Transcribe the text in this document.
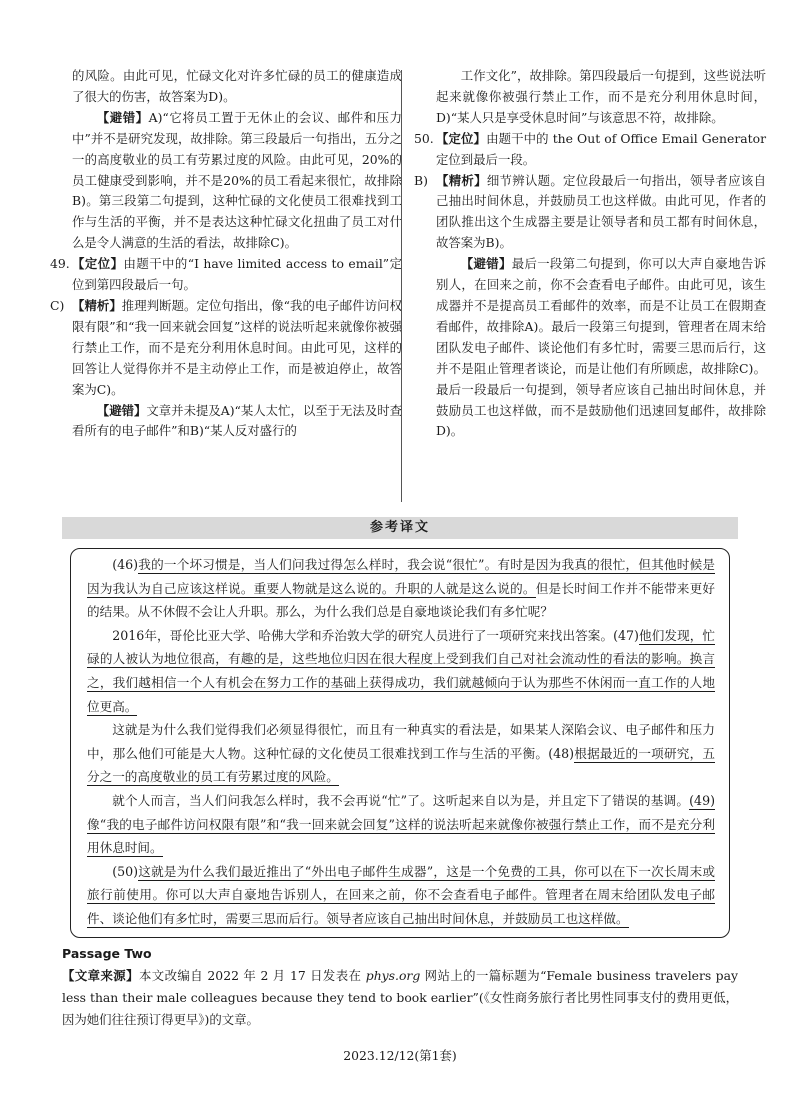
的风险。由此可见，忙碌文化对许多忙碌的员工的健康造成了很大的伤害，故答案为D)。

【避错】A)“它将员工置于无休止的会议、邮件和压力中”并不是研究发现，故排除。第三段最后一句指出，五分之一的高度敬业的员工有劳累过度的风险。由此可见，20%的员工健康受到影响，并不是20%的员工看起来很忙，故排除B)。第三段第二句提到，这种忙碌的文化使员工很难找到工作与生活的平衡，并不是表达这种忙碌文化扭曲了员工对什么是令人满意的生活的看法，故排除C)。

49. 【定位】由题干中的“I have limited access to email”定位到第四段最后一句。

C) 【精析】推理判断题。定位句指出，像“我的电子邮件访问权限有限”和“我一回来就会回复”这样的说法听起来就像你被强行禁止工作，而不是充分利用休息时间。由此可见，这样的回答让人觉得你并不是主动停止工作，而是被迫停止，故答案为C)。

【避错】文章并未提及A)“某人太忙，以至于无法及时查看所有的电子邮件”和B)“某人反对盛行的

工作文化”，故排除。第四段最后一句提到，这些说法听起来就像你被强行禁止工作，而不是充分利用休息时间，D)“某人只是享受休息时间”与该意思不符，故排除。

50. 【定位】由题干中的 the Out of Office Email Generator 定位到最后一段。

B) 【精析】细节辨认题。定位段最后一句指出，领导者应该自己抽出时间休息，并鼓励员工也这样做。由此可见，作者的团队推出这个生成器主要是让领导者和员工都有时间休息，故答案为B)。

【避错】最后一段第二句提到，你可以大声自豪地告诉别人，在回来之前，你不会查看电子邮件。由此可见，该生成器并不是提高员工看邮件的效率，而是不让员工在假期查看邮件，故排除A)。最后一段第三句提到，管理者在周末给团队发电子邮件、谈论他们有多忙时，需要三思而后行，这并不是阻止管理者谈论，而是让他们有所顾虑，故排除C)。最后一段最后一句提到，领导者应该自己抽出时间休息，并鼓励员工也这样做，而不是鼓励他们迅速回复邮件，故排除D)。

参考译文

(46)我的一个坏习惯是，当人们问我过得怎么样时，我会说“很忙”。有时是因为我真的很忙，但其他时候是因为我认为自己应该这样说。重要人物就是这么说的。升职的人就是这么说的。但是长时间工作并不能带来更好的结果。从不休假不会让人升职。那么，为什么我们总是自豪地谈论我们有多忙呢？

2016年，哥伦比亚大学、哈佛大学和乔治敦大学的研究人员进行了一项研究来找出答案。(47)他们发现，忙碌的人被认为地位很高，有趣的是，这些地位归因在很大程度上受到我们自己对社会流动性的看法的影响。换言之，我们越相信一个人有机会在努力工作的基础上获得成功，我们就越倾向于认为那些不休闲而一直工作的人地位更高。

这就是为什么我们觉得我们必须显得很忙，而且有一种真实的看法是，如果某人深陷会议、电子邮件和压力中，那么他们可能是大人物。这种忙碌的文化使员工很难找到工作与生活的平衡。(48)根据最近的一项研究，五分之一的高度敬业的员工有劳累过度的风险。

就个人而言，当人们问我怎么样时，我不会再说“忙”了。这听起来自以为是，并且定下了错误的基调。(49)像“我的电子邮件访问权限有限”和“我一回来就会回复”这样的说法听起来就像你被强行禁止工作，而不是充分利用休息时间。

(50)这就是为什么我们最近推出了“外出电子邮件生成器”，这是一个免费的工具，你可以在下一次长周末或旅行前使用。你可以大声自豪地告诉别人，在回来之前，你不会查看电子邮件。管理者在周末给团队发电子邮件、谈论他们有多忙时，需要三思而后行。领导者应该自己抽出时间休息，并鼓励员工也这样做。

Passage Two
【文章来源】本文改编自 2022 年 2 月 17 日发表在 phys.org 网站上的一篇标题为“Female business travelers pay less than their male colleagues because they tend to book earlier”(《女性商务旅行者比男性同事支付的费用更低，因为她们往往预订得更早》)的文章。
2023.12/12(第1套)
